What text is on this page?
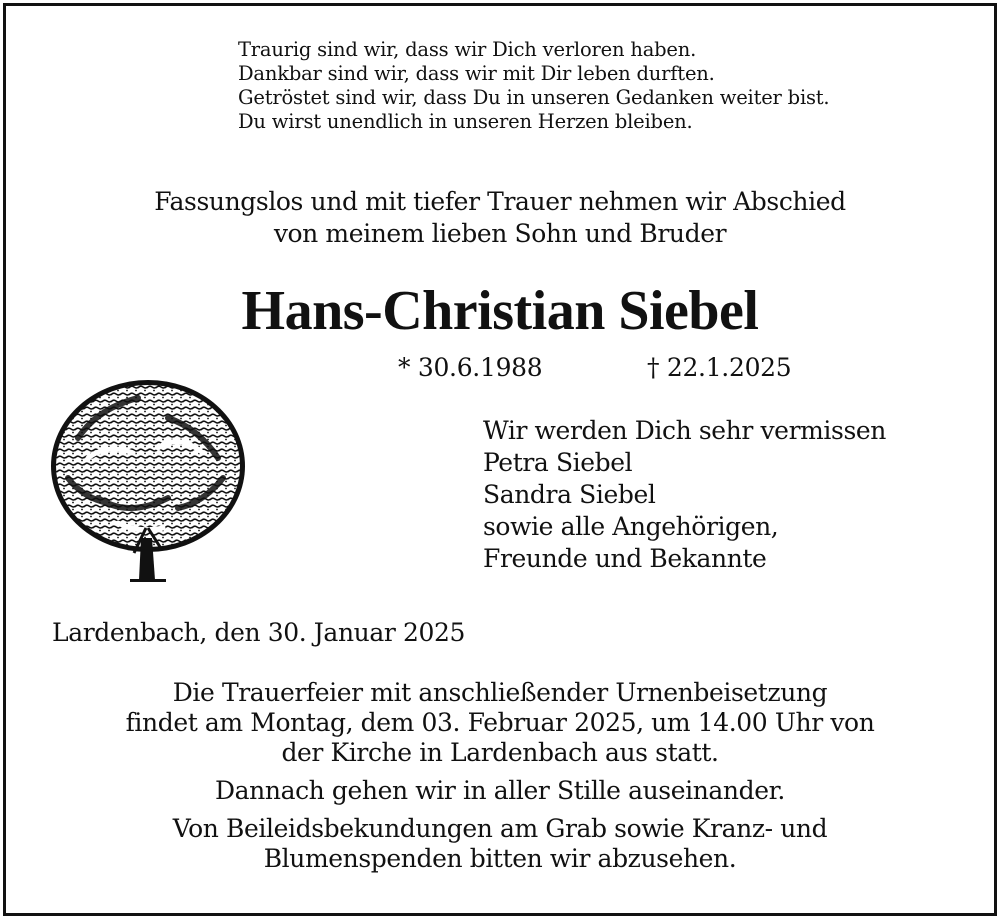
Traurig sind wir, dass wir Dich verloren haben.
Dankbar sind wir, dass wir mit Dir leben durften.
Getröstet sind wir, dass Du in unseren Gedanken weiter bist.
Du wirst unendlich in unseren Herzen bleiben.
Fassungslos und mit tiefer Trauer nehmen wir Abschied
von meinem lieben Sohn und Bruder
Hans-Christian Siebel
* 30.6.1988	† 22.1.2025
Wir werden Dich sehr vermissen
Petra Siebel
Sandra Siebel
sowie alle Angehörigen,
Freunde und Bekannte
Lardenbach, den 30. Januar 2025
Die Trauerfeier mit anschließender Urnenbeisetzung
findet am Montag, dem 03. Februar 2025, um 14.00 Uhr von
der Kirche in Lardenbach aus statt.
Dannach gehen wir in aller Stille auseinander.
Von Beileidsbekundungen am Grab sowie Kranz- und
Blumenspenden bitten wir abzusehen.
